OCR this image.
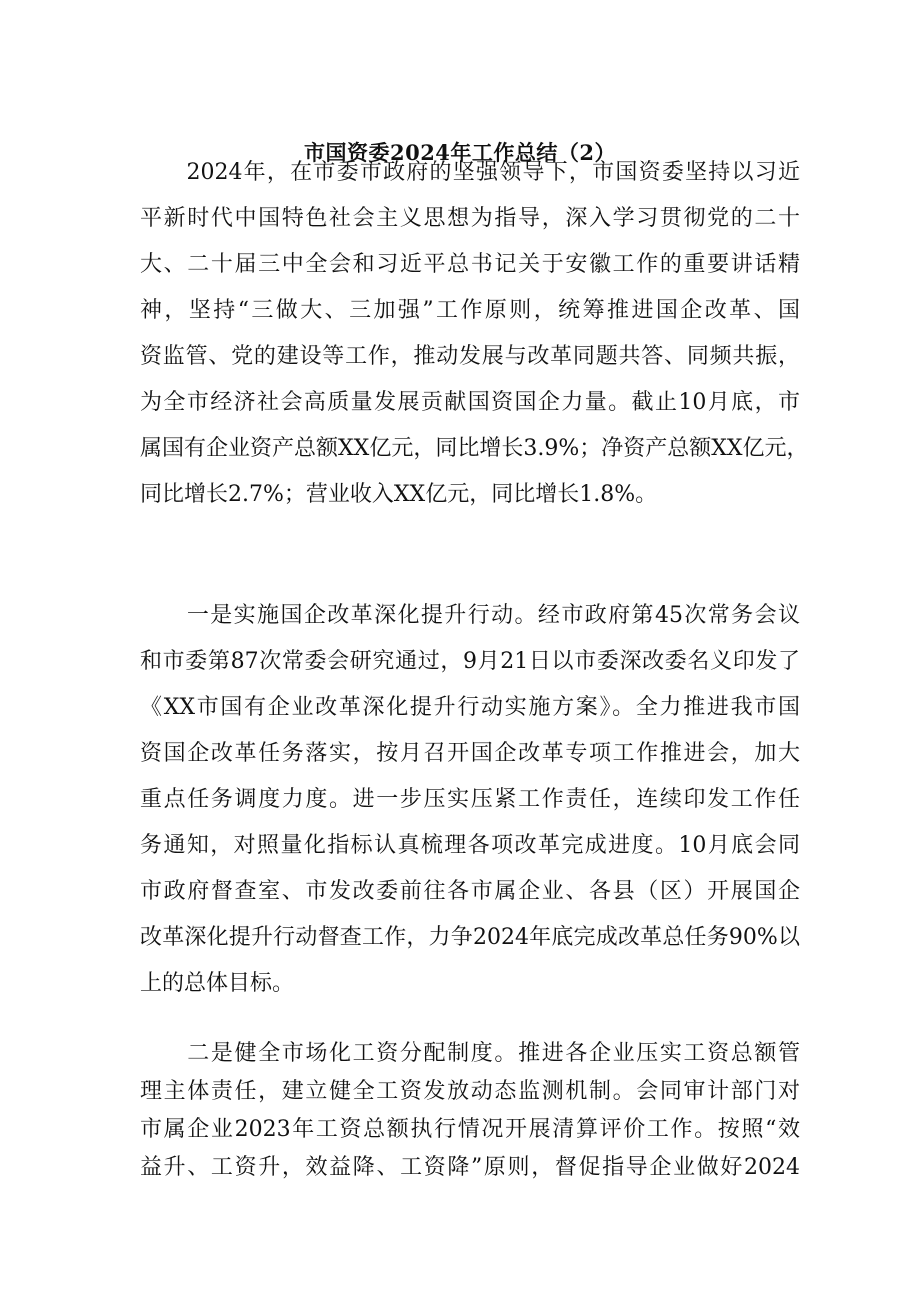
市国资委2024年工作总结（2）
　　2024年，在市委市政府的坚强领导下，市国资委坚持以习近
平新时代中国特色社会主义思想为指导，深入学习贯彻党的二十
大、二十届三中全会和习近平总书记关于安徽工作的重要讲话精
神，坚持“三做大、三加强”工作原则，统筹推进国企改革、国
资监管、党的建设等工作，推动发展与改革同题共答、同频共振，
为全市经济社会高质量发展贡献国资国企力量。截止10月底，市
属国有企业资产总额XX亿元，同比增长3.9%；净资产总额XX亿元，
同比增长2.7%；营业收入XX亿元，同比增长1.8%。
　　一是实施国企改革深化提升行动。经市政府第45次常务会议
和市委第87次常委会研究通过，9月21日以市委深改委名义印发了
《XX市国有企业改革深化提升行动实施方案》。全力推进我市国
资国企改革任务落实，按月召开国企改革专项工作推进会，加大
重点任务调度力度。进一步压实压紧工作责任，连续印发工作任
务通知，对照量化指标认真梳理各项改革完成进度。10月底会同
市政府督查室、市发改委前往各市属企业、各县（区）开展国企
改革深化提升行动督查工作，力争2024年底完成改革总任务90%以
上的总体目标。
　　二是健全市场化工资分配制度。推进各企业压实工资总额管
理主体责任，建立健全工资发放动态监测机制。会同审计部门对
市属企业2023年工资总额执行情况开展清算评价工作。按照“效
益升、工资升，效益降、工资降”原则，督促指导企业做好2024
